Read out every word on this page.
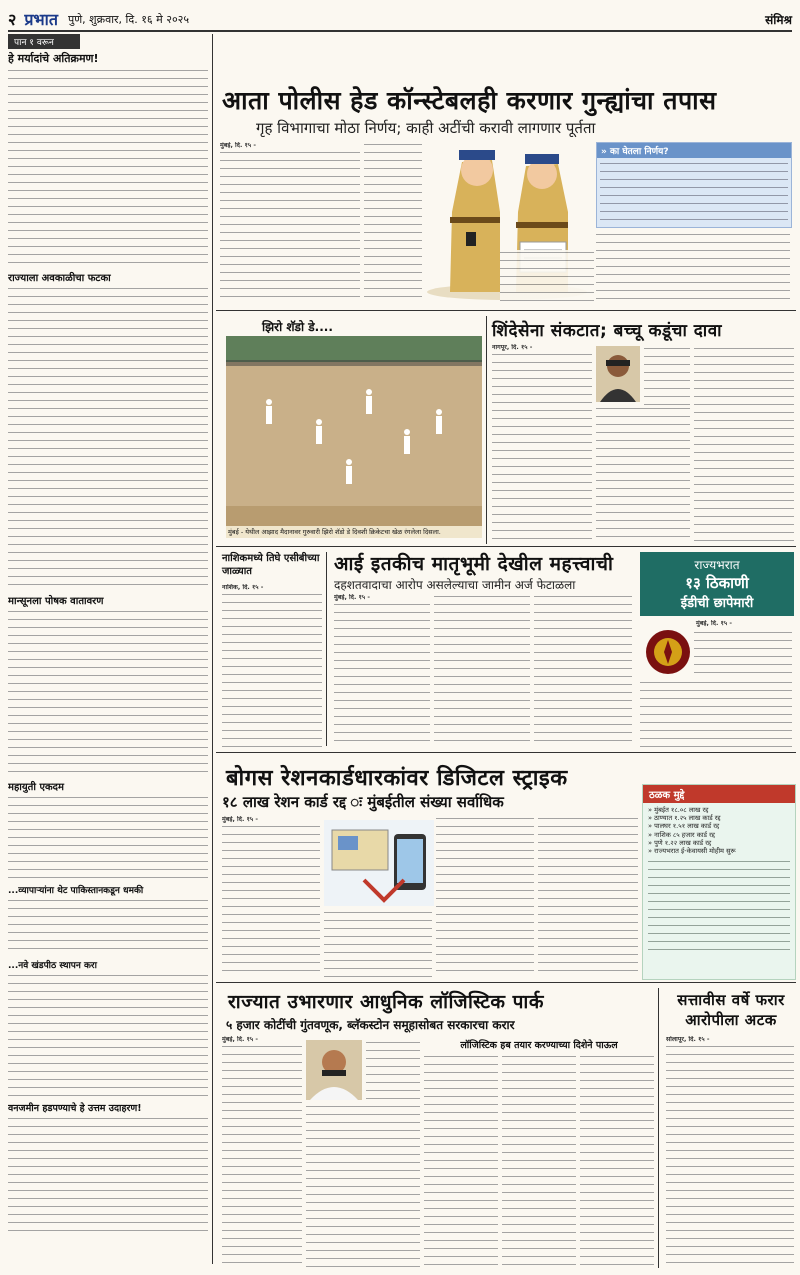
२ प्रभात पुणे, शुक्रवार, दि. १६ मे २०२५	संमिश्र
पान १ वरून
हे मर्यादांचे अतिक्रमण!
राज्याला अवकाळीचा फटका
मान्सूनला पोषक वातावरण
महायुती एकदम
...व्यापाऱ्यांना थेट पाकिस्तानकडून धमकी
...नवे खंडपीठ स्थापन करा
वनजमीन हडपण्याचे हे उत्तम उदाहरण!
आता पोलीस हेड कॉन्स्टेबलही करणार गुन्ह्यांचा तपास
गृह विभागाचा मोठा निर्णय; काही अटींची करावी लागणार पूर्तता
मुंबई, दि. १५ -
» का घेतला निर्णय?
झिरो शॅडो डे....
मुंबई - येथील आझाद मैदानावर गुरुवारी झिरो शॅडो डे दिवशी क्रिकेटचा खेळ रंगलेला दिसला.
शिंदेसेना संकटात; बच्चू कडूंचा दावा
नागपूर, दि. १५ -
नाशिकमध्ये तिघे एसीबीच्या जाळ्यात
नाशिक, दि. १५ -
आई इतकीच मातृभूमी देखील महत्त्वाची
दहशतवादाचा आरोप असलेल्याचा जामीन अर्ज फेटाळला
मुंबई, दि. १५ -
राज्यभरात
१३ ठिकाणी
ईडीची छापेमारी
मुंबई, दि. १५ -
बोगस रेशनकार्डधारकांवर डिजिटल स्ट्राइक
१८ लाख रेशन कार्ड रद्द ः मुंबईतील संख्या सर्वाधिक
मुंबई, दि. १५ -
ठळक मुद्दे
» मुंबईत १८.०८ लाख रद्द
» ठाण्यात १.२५ लाख कार्ड रद्द
» पालघर १.५१ लाख कार्ड रद्द
» नाशिक ८५ हजार कार्ड रद्द
» पुणे १.२२ लाख कार्ड रद्द
» राज्यभरात ई-केवायसी मोहीम सुरू
राज्यात उभारणार आधुनिक लॉजिस्टिक पार्क
५ हजार कोटींची गुंतवणूक, ब्लॅकस्टोन समूहासोबत सरकारचा करार
मुंबई, दि. १५ -
लॉजिस्टिक हब तयार करण्याच्या दिशेने पाऊल
सत्तावीस वर्षे फरार आरोपीला अटक
सोलापूर, दि. १५ -
